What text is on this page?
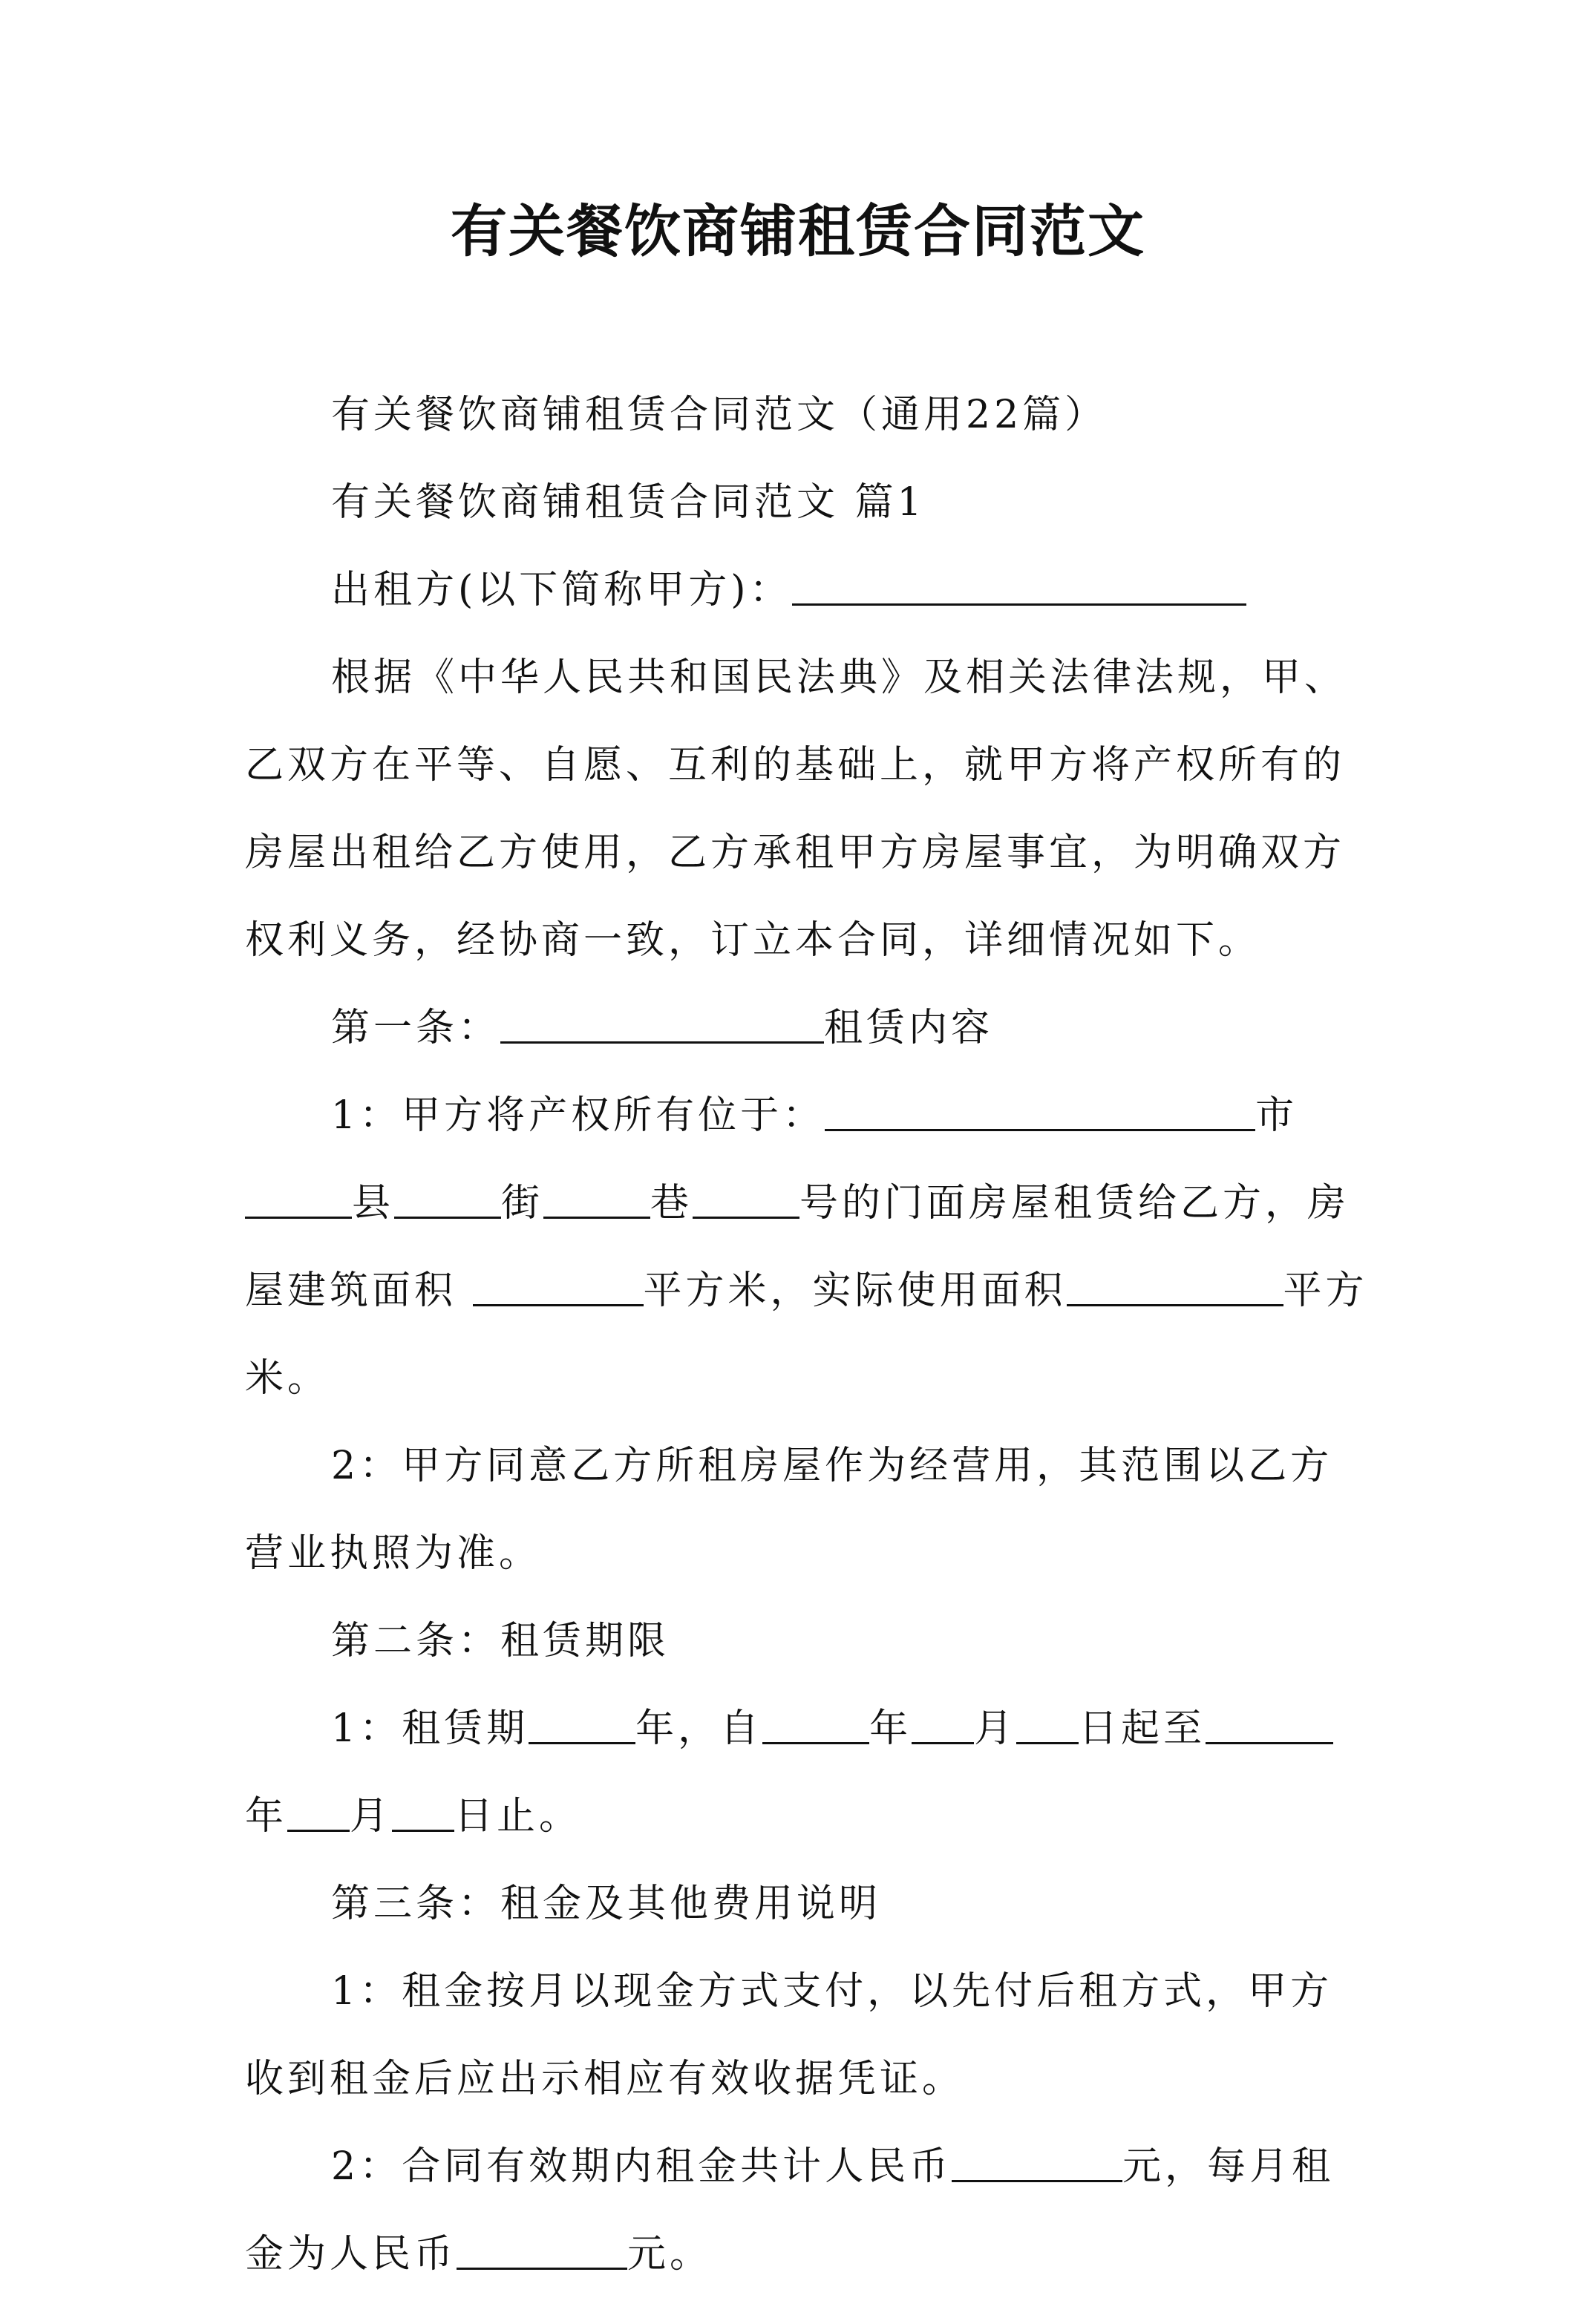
有关餐饮商铺租赁合同范文

有关餐饮商铺租赁合同范文（通用22篇）

有关餐饮商铺租赁合同范文 篇1

出租方(以下简称甲方)：

根据《中华人民共和国民法典》及相关法律法规，甲、乙双方在平等、自愿、互利的基础上，就甲方将产权所有的房屋出租给乙方使用，乙方承租甲方房屋事宜，为明确双方权利义务，经协商一致，订立本合同，详细情况如下。

第一条：	租赁内容

1：甲方将产权所有位于：	市县	街	巷	号的门面房屋租赁给乙方，房屋建筑面积	平方米，实际使用面积	平方米。

2：甲方同意乙方所租房屋作为经营用，其范围以乙方营业执照为准。

第二条：租赁期限

1：租赁期	年，自	年 月 日起至年 月 日止。

第三条：租金及其他费用说明

1：租金按月以现金方式支付，以先付后租方式，甲方收到租金后应出示相应有效收据凭证。

2：合同有效期内租金共计人民币	元，每月租金为人民币	元。
